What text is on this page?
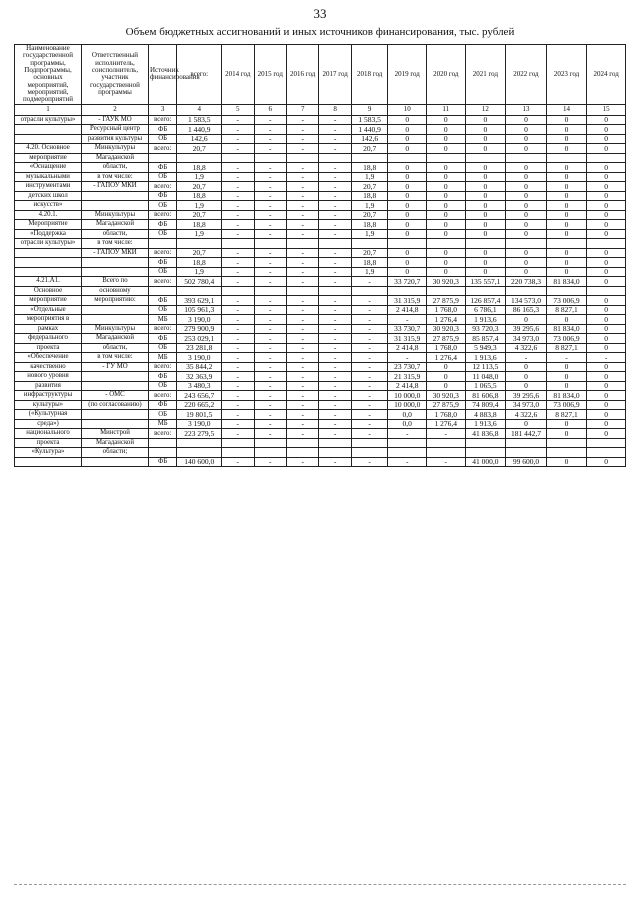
33
Объем бюджетных ассигнований и иных источников финансирования, тыс. рублей
Наименование государственной программы, Подпрограммы, основных мероприятий, мероприятий, подмероприятий	Ответственный исполнитель, соисполнитель, участник государственной программы	Источник финансирования	всего:	2014 год	2015 год	2016 год	2017 год	2018 год	2019 год	2020 год	2021 год	2022 год	2023 год	2024 год
1	2	3	4	5	6	7	8	9	10	11	12	13	14	15
отрасли культуры»	- ГАУК МО	всего:	1 583,5	-	-	-	-	1 583,5	0	0	0	0	0	0
	Ресурсный центр	ФБ	1 440,9	-	-	-	-	1 440,9	0	0	0	0	0	0
	развития культуры	ОБ	142,6	-	-	-	-	142,6	0	0	0	0	0	0
4.20. Основное	Минкультуры	всего:	20,7	-	-	-	-	20,7	0	0	0	0	0	0
мероприятие	Магаданской													
«Оснащение	области,	ФБ	18,8	-	-	-	-	18,8	0	0	0	0	0	0
музыкальными	в том числе:	ОБ	1,9	-	-	-	-	1,9	0	0	0	0	0	0
инструментами	- ГАПОУ МКИ	всего:	20,7	-	-	-	-	20,7	0	0	0	0	0	0
детских школ		ФБ	18,8	-	-	-	-	18,8	0	0	0	0	0	0
искусств»		ОБ	1,9	-	-	-	-	1,9	0	0	0	0	0	0
4.20.1.	Минкультуры	всего:	20,7	-	-	-	-	20,7	0	0	0	0	0	0
Мероприятие	Магаданской	ФБ	18,8	-	-	-	-	18,8	0	0	0	0	0	0
«Поддержка	области,	ОБ	1,9	-	-	-	-	1,9	0	0	0	0	0	0
отрасли культуры»	в том числе:													
	- ГАПОУ МКИ	всего:	20,7	-	-	-	-	20,7	0	0	0	0	0	0
		ФБ	18,8	-	-	-	-	18,8	0	0	0	0	0	0
		ОБ	1,9	-	-	-	-	1,9	0	0	0	0	0	0
4.21.А1.	Всего по	всего:	502 780,4	-	-	-	-	-	33 720,7	30 920,3	135 557,1	220 738,3	81 834,0	0
Основное	основному													
мероприятие	мероприятию:	ФБ	393 629,1	-	-	-	-	-	31 315,9	27 875,9	126 857,4	134 573,0	73 006,9	0
«Отдельные		ОБ	105 961,3	-	-	-	-	-	2 414,8	1 768,0	6 786,1	86 165,3	8 827,1	0
мероприятия в		МБ	3 190,0	-	-	-	-	-	-	1 276,4	1 913,6	0	0	0
рамках	Минкультуры	всего:	279 900,9	-	-	-	-	-	33 730,7	30 920,3	93 720,3	39 295,6	81 834,0	0
федерального	Магаданской	ФБ	253 029,1	-	-	-	-	-	31 315,9	27 875,9	85 857,4	34 973,0	73 006,9	0
проекта	области,	ОБ	23 281,8	-	-	-	-	-	2 414,8	1 768,0	5 949,3	4 322,6	8 827,1	0
«Обеспечение	в том числе:	МБ	3 190,0	-	-	-	-	-	-	1 276,4	1 913,6	-	-	-
качественно	- ГУ МО	всего:	35 844,2	-	-	-	-	-	23 730,7	0	12 113,5	0	0	0
нового уровня		ФБ	32 363,9	-	-	-	-	-	21 315,9	0	11 048,0	0	0	0
развития		ОБ	3 480,3	-	-	-	-	-	2 414,8	0	1 065,5	0	0	0
инфраструктуры	- ОМС	всего:	243 656,7	-	-	-	-	-	10 000,0	30 920,3	81 606,8	39 295,6	81 834,0	0
культуры»	(по согласованию)	ФБ	220 665,2	-	-	-	-	-	10 000,0	27 875,9	74 809,4	34 973,0	73 006,9	0
(«Культурная		ОБ	19 801,5	-	-	-	-	-	0,0	1 768,0	4 883,8	4 322,6	8 827,1	0
среда»)		МБ	3 190,0	-	-	-	-	-	0,0	1 276,4	1 913,6	0	0	0
национального	Минстрой	всего:	223 279,5	-	-	-	-	-	-	-	41 836,8	181 442,7	0	0
проекта	Магаданской													
«Культура»	области;													
		ФБ	140 600,0	-	-	-	-	-	-	-	41 000,0	99 600,0	0	0
